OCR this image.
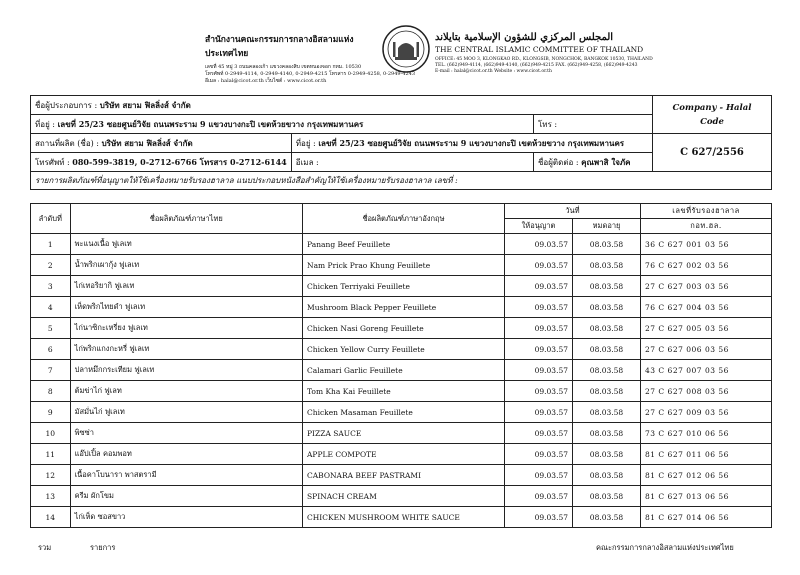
สำนักงานคณะกรรมการกลางอิสลามแห่งประเทศไทย
เลขที่ 45 หมู่ 3 ถนนคลองเก้า แขวงคลองสิบ เขตหนองจอก กทม. 10530
โทรศัพท์ 0-2949-4114, 0-2949-4140, 0-2949-4215 โทรสาร 0-2949-4258, 0-2949-4243
อีเมล : halal@cicot.or.th เว็บไซต์ : www.cicot.or.th
المجلس المركزي للشؤون الإسلامية بتايلاند
THE CENTRAL ISLAMIC COMMITTEE OF THAILAND
OFFICE: 45 MOO 3, KLONGKAO RD., KLONGSIB, NONGCHOK, BANGKOK 10530, THAILAND
TEL. (662)949-4114, (662)949-4140, (662)949-4215 FAX. (662)949-4258, (662)949-4243
E-mail : halal@cicot.or.th Website : www.cicot.or.th
ชื่อผู้ประกอบการ : บริษัท สยาม ฟิลลิ่งส์ จำกัด			Company - Halal
Code

ที่อยู่ : เลขที่ 25/23 ซอยศูนย์วิจัย ถนนพระราม 9 แขวงบางกะปิ เขตห้วยขวาง กรุงเทพมหานคร		โทร :	
สถานที่ผลิต (ชื่อ) : บริษัท สยาม ฟิลลิ่งส์ จำกัด	ที่อยู่ : เลขที่ 25/23 ซอยศูนย์วิจัย ถนนพระราม 9 แขวงบางกะปิ เขตห้วยขวาง กรุงเทพมหานคร		C 627/2556
โทรศัพท์ : 080-599-3819, 0-2712-6766 โทรสาร 0-2712-6144	อีเมล :	ชื่อผู้ติดต่อ : คุณพาสิ ใจภัค	
รายการผลิตภัณฑ์ที่อนุญาตให้ใช้เครื่องหมายรับรองฮาลาล แนบประกอบหนังสือสำคัญให้ใช้เครื่องหมายรับรองฮาลาล เลขที่ :			
ลำดับที่	ชื่อผลิตภัณฑ์ภาษาไทย	ชื่อผลิตภัณฑ์ภาษาอังกฤษ	วันที่		เลขที่รับรองฮาลาล
			ให้อนุญาต	หมดอายุ	กอท.ฮล.
1	พะแนงเนื้อ ฟูเลเท	Panang Beef Feuillete	09.03.57	08.03.58	36 C 627 001 03 56
2	น้ำพริกเผากุ้ง ฟูเลเท	Nam Prick Prao Khung Feuillete	09.03.57	08.03.58	76 C 627 002 03 56
3	ไก่เทอริยากิ ฟูเลเท	Chicken Terriyaki Feuillete	09.03.57	08.03.58	27 C 627 003 03 56
4	เห็ดพริกไทยดำ ฟูเลเท	Mushroom Black Pepper Feuillete	09.03.57	08.03.58	76 C 627 004 03 56
5	ไก่นาซิกะเหรี่ยง ฟูเลเท	Chicken Nasi Goreng Feuillete	09.03.57	08.03.58	27 C 627 005 03 56
6	ไก่พริกแกงกะหรี่ ฟูเลเท	Chicken Yellow Curry Feuillete	09.03.57	08.03.58	27 C 627 006 03 56
7	ปลาหมึกกระเทียม ฟูเลเท	Calamari Garlic Feuillete	09.03.57	08.03.58	43 C 627 007 03 56
8	ต้มข่าไก่ ฟูเลท	Tom Kha Kai Feuillete	09.03.57	08.03.58	27 C 627 008 03 56
9	มัสมั่นไก่ ฟูเลเท	Chicken Masaman Feuillete	09.03.57	08.03.58	27 C 627 009 03 56
10	พิซซ่า	PIZZA SAUCE	09.03.57	08.03.58	73 C 627 010 06 56
11	แอ๊ปเปิ้ล คอมพอท	APPLE COMPOTE	09.03.57	08.03.58	81 C 627 011 06 56
12	เนื้อคาโบนารา พาสตรามี	CABONARA BEEF PASTRAMI	09.03.57	08.03.58	81 C 627 012 06 56
13	ครีม ผักโขม	SPINACH CREAM	09.03.57	08.03.58	81 C 627 013 06 56
14	ไก่เห็ด ซอสขาว	CHICKEN MUSHROOM WHITE SAUCE	09.03.57	08.03.58	81 C 627 014 06 56
รวม	รายการ	คณะกรรมการกลางอิสลามแห่งประเทศไทย
